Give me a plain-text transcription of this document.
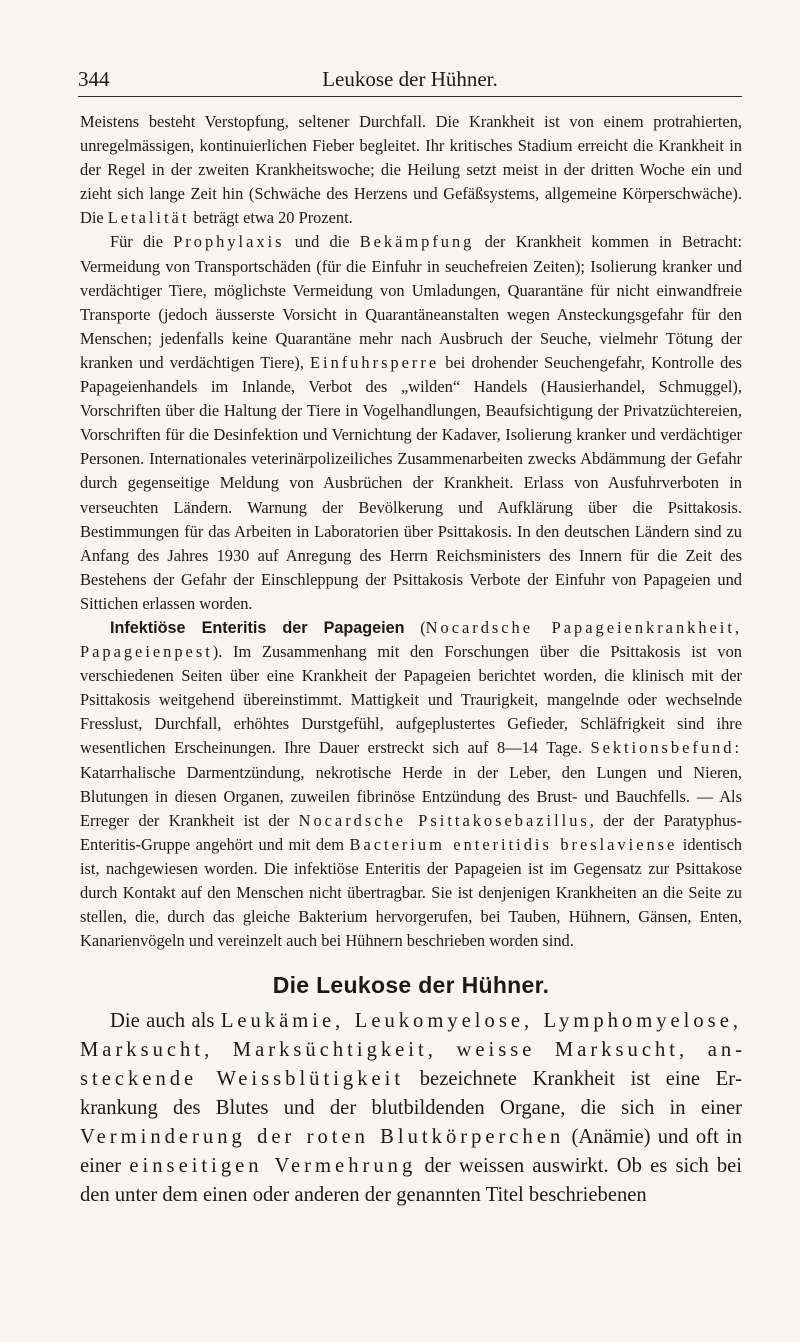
344	Leukose der Hühner.

Meistens besteht Verstopfung, seltener Durchfall. Die Krankheit ist von einem protrahierten, unregelmässigen, kontinuierlichen Fieber begleitet. Ihr kritisches Stadium erreicht die Krankheit in der Regel in der zweiten Krankheitswoche; die Heilung setzt meist in der dritten Woche ein und zieht sich lange Zeit hin (Schwäche des Herzens und Gefäßsystems, allgemeine Körperschwäche). Die Letalität beträgt etwa 20 Prozent.

Für die Prophylaxis und die Bekämpfung der Krankheit kommen in Betracht: Vermeidung von Transportschäden (für die Einfuhr in seuchefreien Zeiten); Isolierung kranker und verdächtiger Tiere, möglichste Vermeidung von Umladungen, Quarantäne für nicht einwandfreie Transporte (jedoch äusserste Vorsicht in Quarantäneanstalten wegen Ansteckungsgefahr für den Menschen; jedenfalls keine Quarantäne mehr nach Ausbruch der Seuche, vielmehr Tötung der kranken und verdächtigen Tiere), Einfuhrsperre bei drohender Seuchengefahr, Kontrolle des Papageienhandels im Inlande, Verbot des „wilden“ Handels (Hausierhandel, Schmuggel), Vorschriften über die Haltung der Tiere in Vogelhandlungen, Beaufsichtigung der Privatzüchtereien, Vorschriften für die Desinfektion und Vernichtung der Kadaver, Isolierung kranker und verdächtiger Personen. Internationales veterinärpolizeiliches Zusammenarbeiten zwecks Abdämmung der Gefahr durch gegenseitige Meldung von Ausbrüchen der Krankheit. Erlass von Ausfuhrverboten in verseuchten Ländern. Warnung der Bevölkerung und Aufklärung über die Psittakosis. Bestimmungen für das Arbeiten in Laboratorien über Psittakosis. In den deutschen Ländern sind zu Anfang des Jahres 1930 auf Anregung des Herrn Reichsministers des Innern für die Zeit des Bestehens der Gefahr der Einschleppung der Psittakosis Verbote der Einfuhr von Papageien und Sittichen erlassen worden.

Infektiöse Enteritis der Papageien (Nocardsche Papageienkrankheit, Papageienpest). Im Zusammenhang mit den Forschungen über die Psittakosis ist von verschiedenen Seiten über eine Krankheit der Papageien berichtet worden, die klinisch mit der Psittakosis weitgehend übereinstimmt. Mattigkeit und Traurigkeit, mangelnde oder wechselnde Fresslust, Durchfall, erhöhtes Durstgefühl, aufgeplustertes Gefieder, Schläfrigkeit sind ihre wesentlichen Erscheinungen. Ihre Dauer erstreckt sich auf 8—14 Tage. Sektionsbefund: Katarrhalische Darmentzündung, nekrotische Herde in der Leber, den Lungen und Nieren, Blutungen in diesen Organen, zuweilen fibrinöse Entzündung des Brust- und Bauchfells. — Als Erreger der Krankheit ist der Nocardsche Psittakosebazillus, der der Paratyphus-Enteritis-Gruppe angehört und mit dem Bacterium enteritidis breslaviense identisch ist, nachgewiesen worden. Die infektiöse Enteritis der Papageien ist im Gegensatz zur Psittakose durch Kontakt auf den Menschen nicht übertragbar. Sie ist denjenigen Krankheiten an die Seite zu stellen, die, durch das gleiche Bakterium hervorgerufen, bei Tauben, Hühnern, Gänsen, Enten, Kanarienvögeln und vereinzelt auch bei Hühnern beschrieben worden sind.

Die Leukose der Hühner.

Die auch als Leukämie, Leukomyelose, Lymphomyelose, Marksucht, Marksüchtigkeit, weisse Marksucht, ansteckende Weissblütigkeit bezeichnete Krankheit ist eine Erkrankung des Blutes und der blutbildenden Organe, die sich in einer Verminderung der roten Blutkörperchen (Anämie) und oft in einer einseitigen Vermehrung der weissen auswirkt. Ob es sich bei den unter dem einen oder anderen der genannten Titel beschriebenen
